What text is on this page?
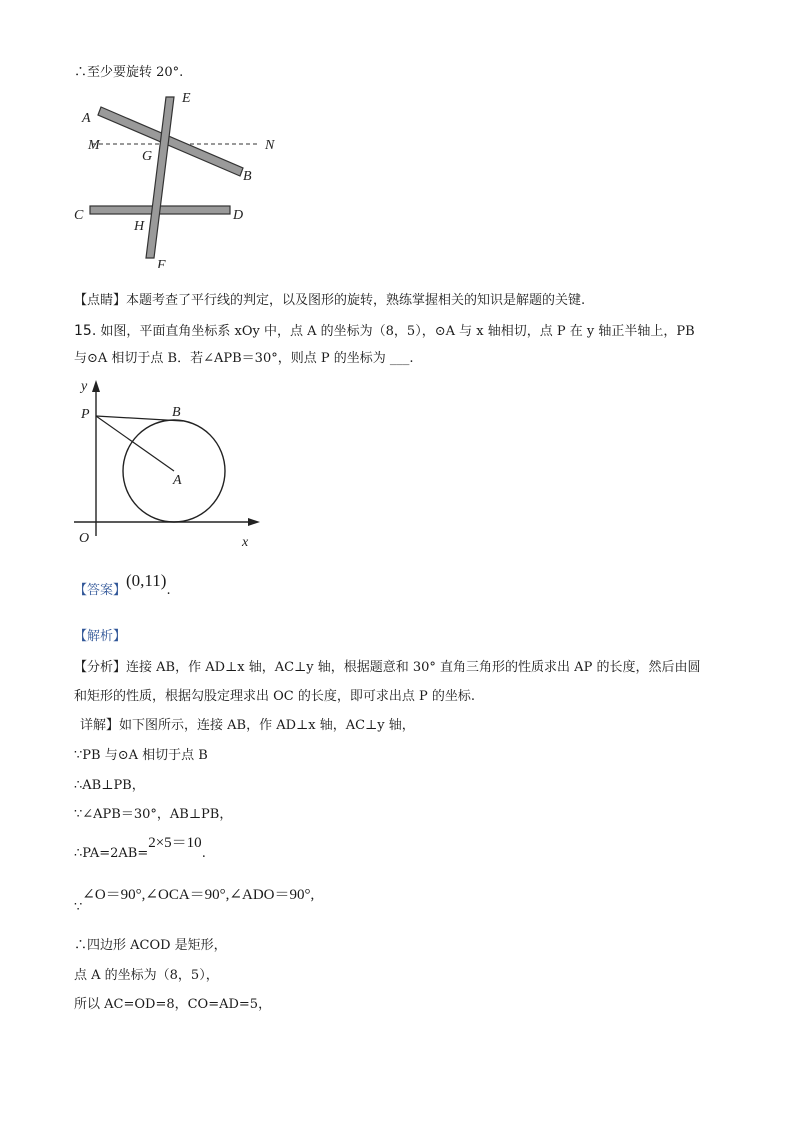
∴至少要旋转 20°.
A
E
M
G
N
B
C	D
H
F
【点睛】本题考查了平行线的判定，以及图形的旋转，熟练掌握相关的知识是解题的关键.
15. 如图，平面直角坐标系 xOy 中，点 A 的坐标为（8，5），⊙A 与 x 轴相切，点 P 在 y 轴正半轴上，PB
与⊙A 相切于点 B．若∠APB＝30°，则点 P 的坐标为 ___.
y
P	B
A
O	x
【答案】(0,11).
【解析】
【分析】连接 AB，作 AD⊥x 轴，AC⊥y 轴，根据题意和 30° 直角三角形的性质求出 AP 的长度，然后由圆
和矩形的性质，根据勾股定理求出 OC 的长度，即可求出点 P 的坐标.
详解】如下图所示，连接 AB，作 AD⊥x 轴，AC⊥y 轴，
∵PB 与⊙A 相切于点 B
∴AB⊥PB，
∵∠APB＝30°，AB⊥PB，
∴PA=2AB=2×5＝10.
∵∠O＝90°,∠OCA＝90°,∠ADO＝90°,
∴四边形 ACOD 是矩形，
点 A 的坐标为（8，5），
所以 AC=OD=8，CO=AD=5，
